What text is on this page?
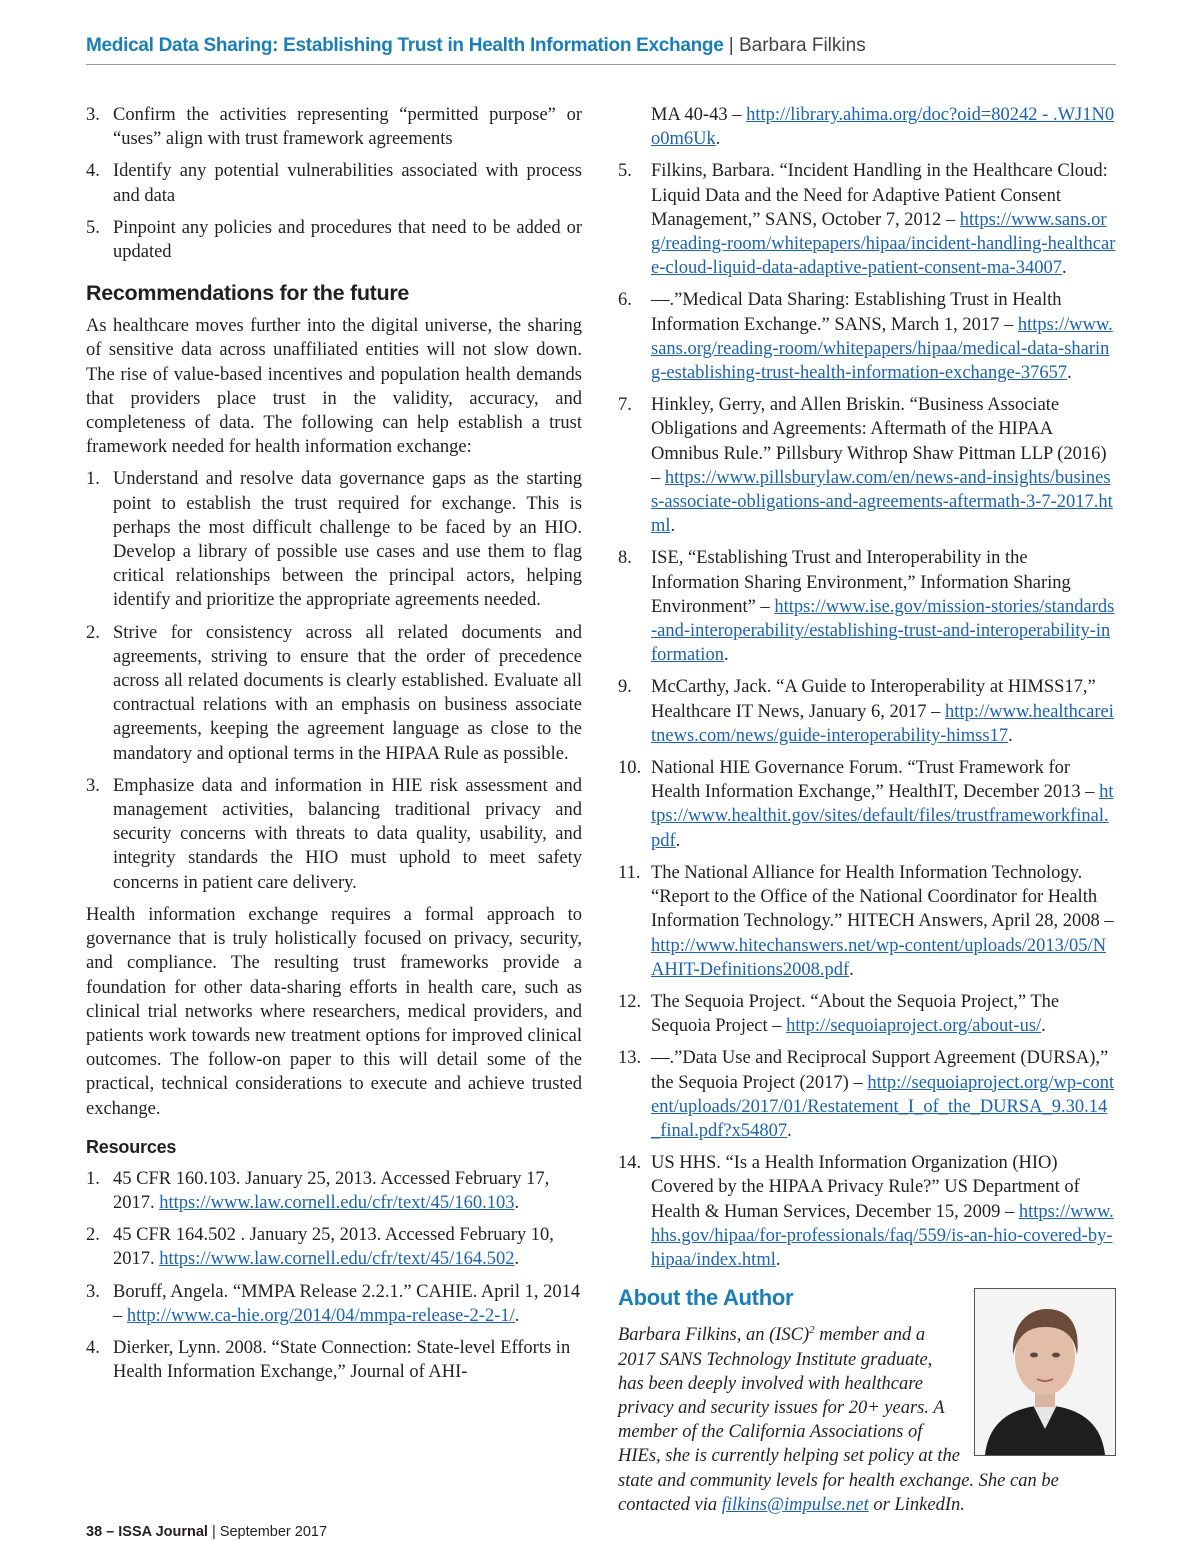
Medical Data Sharing: Establishing Trust in Health Information Exchange | Barbara Filkins
3. Confirm the activities representing “permitted purpose” or “uses” align with trust framework agreements
4. Identify any potential vulnerabilities associated with process and data
5. Pinpoint any policies and procedures that need to be added or updated
Recommendations for the future

As healthcare moves further into the digital universe, the sharing of sensitive data across unaffiliated entities will not slow down. The rise of value-based incentives and population health demands that providers place trust in the validity, accuracy, and completeness of data. The following can help establish a trust framework needed for health information exchange:

1. Understand and resolve data governance gaps as the starting point to establish the trust required for exchange. This is perhaps the most difficult challenge to be faced by an HIO. Develop a library of possible use cases and use them to flag critical relationships between the principal actors, helping identify and prioritize the appropriate agreements needed.
2. Strive for consistency across all related documents and agreements, striving to ensure that the order of precedence across all related documents is clearly established. Evaluate all contractual relations with an emphasis on business associate agreements, keeping the agreement language as close to the mandatory and optional terms in the HIPAA Rule as possible.
3. Emphasize data and information in HIE risk assessment and management activities, balancing traditional privacy and security concerns with threats to data quality, usability, and integrity standards the HIO must uphold to meet safety concerns in patient care delivery.

Health information exchange requires a formal approach to governance that is truly holistically focused on privacy, security, and compliance. The resulting trust frameworks provide a foundation for other data-sharing efforts in health care, such as clinical trial networks where researchers, medical providers, and patients work towards new treatment options for improved clinical outcomes. The follow-on paper to this will detail some of the practical, technical considerations to execute and achieve trusted exchange.

Resources
1. 45 CFR 160.103. January 25, 2013. Accessed February 17, 2017. https://www.law.cornell.edu/cfr/text/45/160.103.
2. 45 CFR 164.502 . January 25, 2013. Accessed February 10, 2017. https://www.law.cornell.edu/cfr/text/45/164.502.
3. Boruff, Angela. “MMPA Release 2.2.1.” CAHIE. April 1, 2014 – http://www.ca-hie.org/2014/04/mmpa-release-2-2-1/.
4. Dierker, Lynn. 2008. “State Connection: State-level Efforts in Health Information Exchange,” Journal of AHI-
MA 40-43 – http://library.ahima.org/doc?oid=80242 - .WJ1N0o0m6Uk.
5.	Filkins, Barbara. “Incident Handling in the Healthcare Cloud: Liquid Data and the Need for Adaptive Patient Consent Management,” SANS, October 7, 2012 – https://www.sans.org/reading-room/whitepapers/hipaa/incident-handling-healthcare-cloud-liquid-data-adaptive-patient-consent-ma-34007.
6.	—.”Medical Data Sharing: Establishing Trust in Health Information Exchange.” SANS, March 1, 2017 – https://www.sans.org/reading-room/whitepapers/hipaa/medical-data-sharing-establishing-trust-health-information-exchange-37657.
7.	Hinkley, Gerry, and Allen Briskin. “Business Associate Obligations and Agreements: Aftermath of the HIPAA Omnibus Rule.” Pillsbury Withrop Shaw Pittman LLP (2016) – https://www.pillsburylaw.com/en/news-and-insights/business-associate-obligations-and-agreements-aftermath-3-7-2017.html.
8.	ISE, “Establishing Trust and Interoperability in the Information Sharing Environment,” Information Sharing Environment” – https://www.ise.gov/mission-stories/standards-and-interoperability/establishing-trust-and-interoperability-information.
9.	McCarthy, Jack. “A Guide to Interoperability at HIMSS17,” Healthcare IT News, January 6, 2017 – http://www.healthcareitnews.com/news/guide-interoperability-himss17.
10. National HIE Governance Forum. “Trust Framework for Health Information Exchange,” HealthIT, December 2013 – https://www.healthit.gov/sites/default/files/trustframeworkfinal.pdf.
11. The National Alliance for Health Information Technology. “Report to the Office of the National Coordinator for Health Information Technology.” HITECH Answers, April 28, 2008 – http://www.hitechanswers.net/wp-content/uploads/2013/05/NAHIT-Definitions2008.pdf.
12. The Sequoia Project. “About the Sequoia Project,” The Sequoia Project – http://sequoiaproject.org/about-us/.
13. —.”Data Use and Reciprocal Support Agreement (DURSA),” the Sequoia Project (2017) – http://sequoiaproject.org/wp-content/uploads/2017/01/Restatement_I_of_the_DURSA_9.30.14_final.pdf?x54807.
14. US HHS. “Is a Health Information Organization (HIO) Covered by the HIPAA Privacy Rule?” US Department of Health & Human Services, December 15, 2009 – https://www.hhs.gov/hipaa/for-professionals/faq/559/is-an-hio-covered-by-hipaa/index.html.
About the Author
Barbara Filkins, an (ISC)$^2$ member and a 2017 SANS Technology Institute graduate, has been deeply involved with healthcare privacy and security issues for 20+ years. A member of the California Associations of HIEs, she is currently helping set policy at the state and community levels for health exchange. She can be contacted via filkins@impulse.net or LinkedIn.
38 – ISSA Journal | September 2017
